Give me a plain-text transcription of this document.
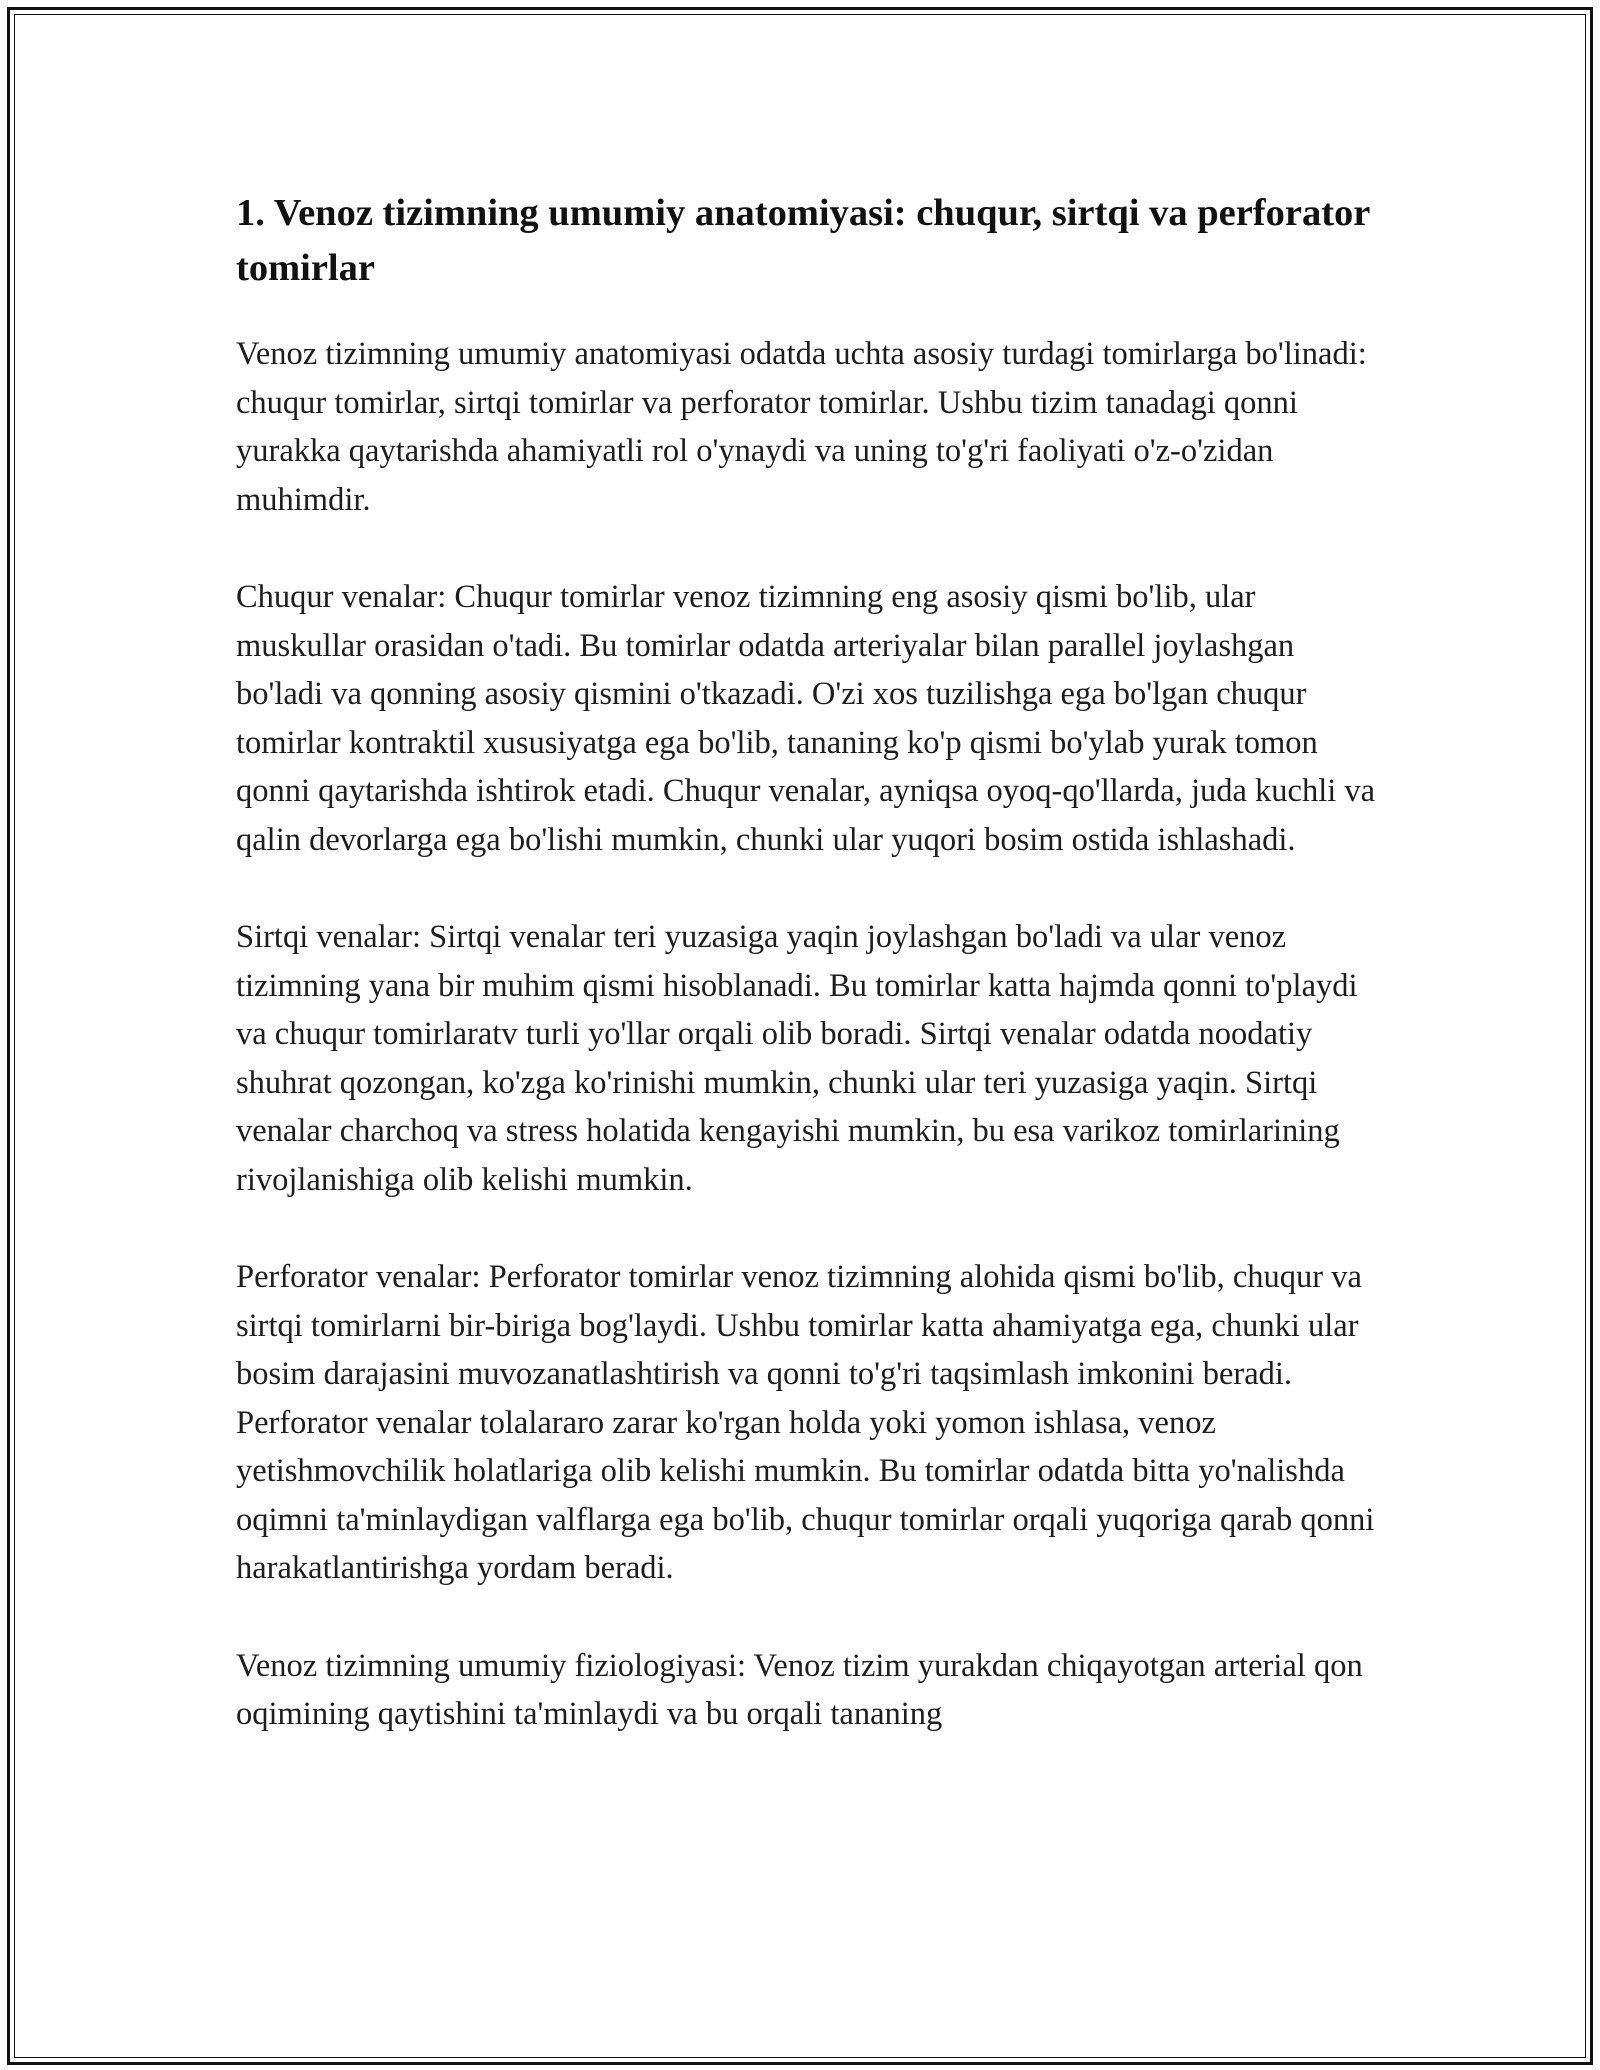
1. Venoz tizimning umumiy anatomiyasi: chuqur, sirtqi va perforator tomirlar

Venoz tizimning umumiy anatomiyasi odatda uchta asosiy turdagi tomirlarga bo'linadi: chuqur tomirlar, sirtqi tomirlar va perforator tomirlar. Ushbu tizim tanadagi qonni yurakka qaytarishda ahamiyatli rol o'ynaydi va uning to'g'ri faoliyati o'z-o'zidan muhimdir.

Chuqur venalar: Chuqur tomirlar venoz tizimning eng asosiy qismi bo'lib, ular muskullar orasidan o'tadi. Bu tomirlar odatda arteriyalar bilan parallel joylashgan bo'ladi va qonning asosiy qismini o'tkazadi. O'zi xos tuzilishga ega bo'lgan chuqur tomirlar kontraktil xususiyatga ega bo'lib, tananing ko'p qismi bo'ylab yurak tomon qonni qaytarishda ishtirok etadi. Chuqur venalar, ayniqsa oyoq-qo'llarda, juda kuchli va qalin devorlarga ega bo'lishi mumkin, chunki ular yuqori bosim ostida ishlashadi.

Sirtqi venalar: Sirtqi venalar teri yuzasiga yaqin joylashgan bo'ladi va ular venoz tizimning yana bir muhim qismi hisoblanadi. Bu tomirlar katta hajmda qonni to'playdi va chuqur tomirlaratv turli yo'llar orqali olib boradi. Sirtqi venalar odatda noodatiy shuhrat qozongan, ko'zga ko'rinishi mumkin, chunki ular teri yuzasiga yaqin. Sirtqi venalar charchoq va stress holatida kengayishi mumkin, bu esa varikoz tomirlarining rivojlanishiga olib kelishi mumkin.

Perforator venalar: Perforator tomirlar venoz tizimning alohida qismi bo'lib, chuqur va sirtqi tomirlarni bir-biriga bog'laydi. Ushbu tomirlar katta ahamiyatga ega, chunki ular bosim darajasini muvozanatlashtirish va qonni to'g'ri taqsimlash imkonini beradi. Perforator venalar tolalararo zarar ko'rgan holda yoki yomon ishlasa, venoz yetishmovchilik holatlariga olib kelishi mumkin. Bu tomirlar odatda bitta yo'nalishda oqimni ta'minlaydigan valflarga ega bo'lib, chuqur tomirlar orqali yuqoriga qarab qonni harakatlantirishga yordam beradi.

Venoz tizimning umumiy fiziologiyasi: Venoz tizim yurakdan chiqayotgan arterial qon oqimining qaytishini ta'minlaydi va bu orqali tananing
